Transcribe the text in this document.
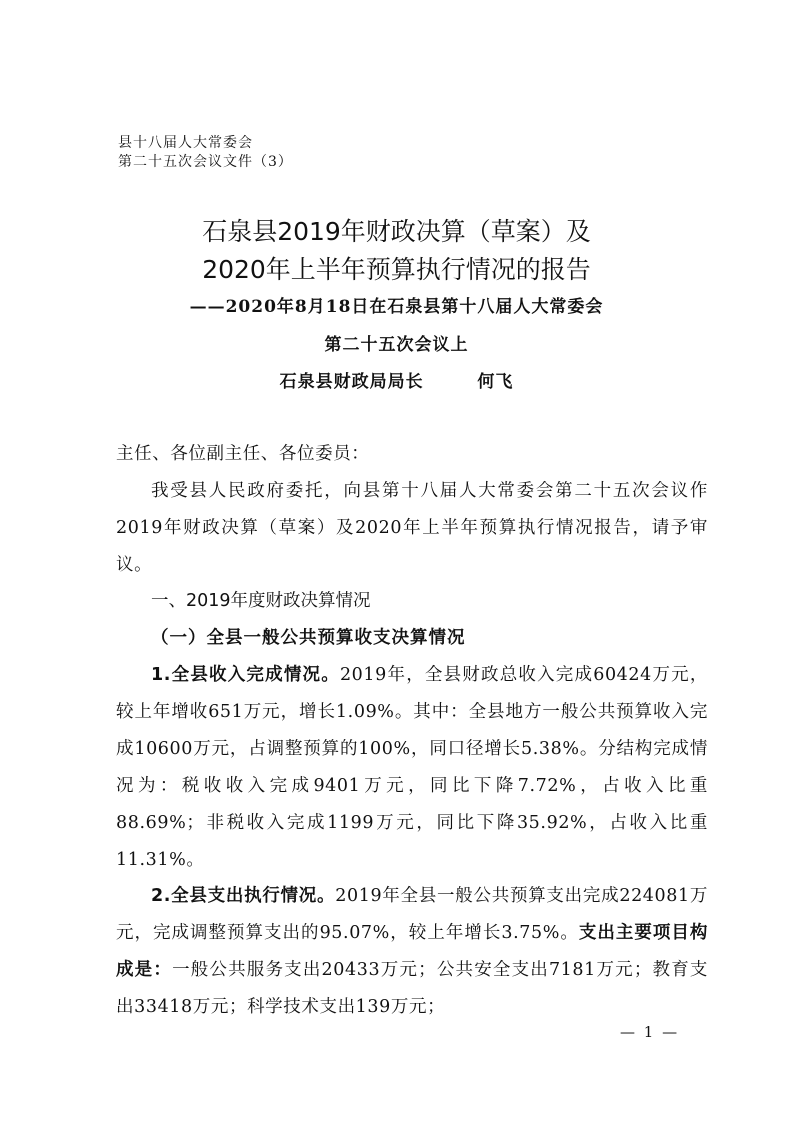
县十八届人大常委会
第二十五次会议文件（3）
石泉县2019年财政决算（草案）及
2020年上半年预算执行情况的报告
——2020年8月18日在石泉县第十八届人大常委会
第二十五次会议上
石泉县财政局局长	何飞
主任、各位副主任、各位委员：
我受县人民政府委托，向县第十八届人大常委会第二十五次会议作2019年财政决算（草案）及2020年上半年预算执行情况报告，请予审议。
一、2019年度财政决算情况
（一）全县一般公共预算收支决算情况
1.全县收入完成情况。2019年，全县财政总收入完成60424万元，较上年增收651万元，增长1.09%。其中：全县地方一般公共预算收入完成10600万元，占调整预算的100%，同口径增长5.38%。分结构完成情况为：税收收入完成9401万元，同比下降7.72%，占收入比重88.69%；非税收入完成1199万元，同比下降35.92%，占收入比重11.31%。
2.全县支出执行情况。2019年全县一般公共预算支出完成224081万元，完成调整预算支出的95.07%，较上年增长3.75%。支出主要项目构成是：一般公共服务支出20433万元；公共安全支出7181万元；教育支出33418万元；科学技术支出139万元；
— 1 —
